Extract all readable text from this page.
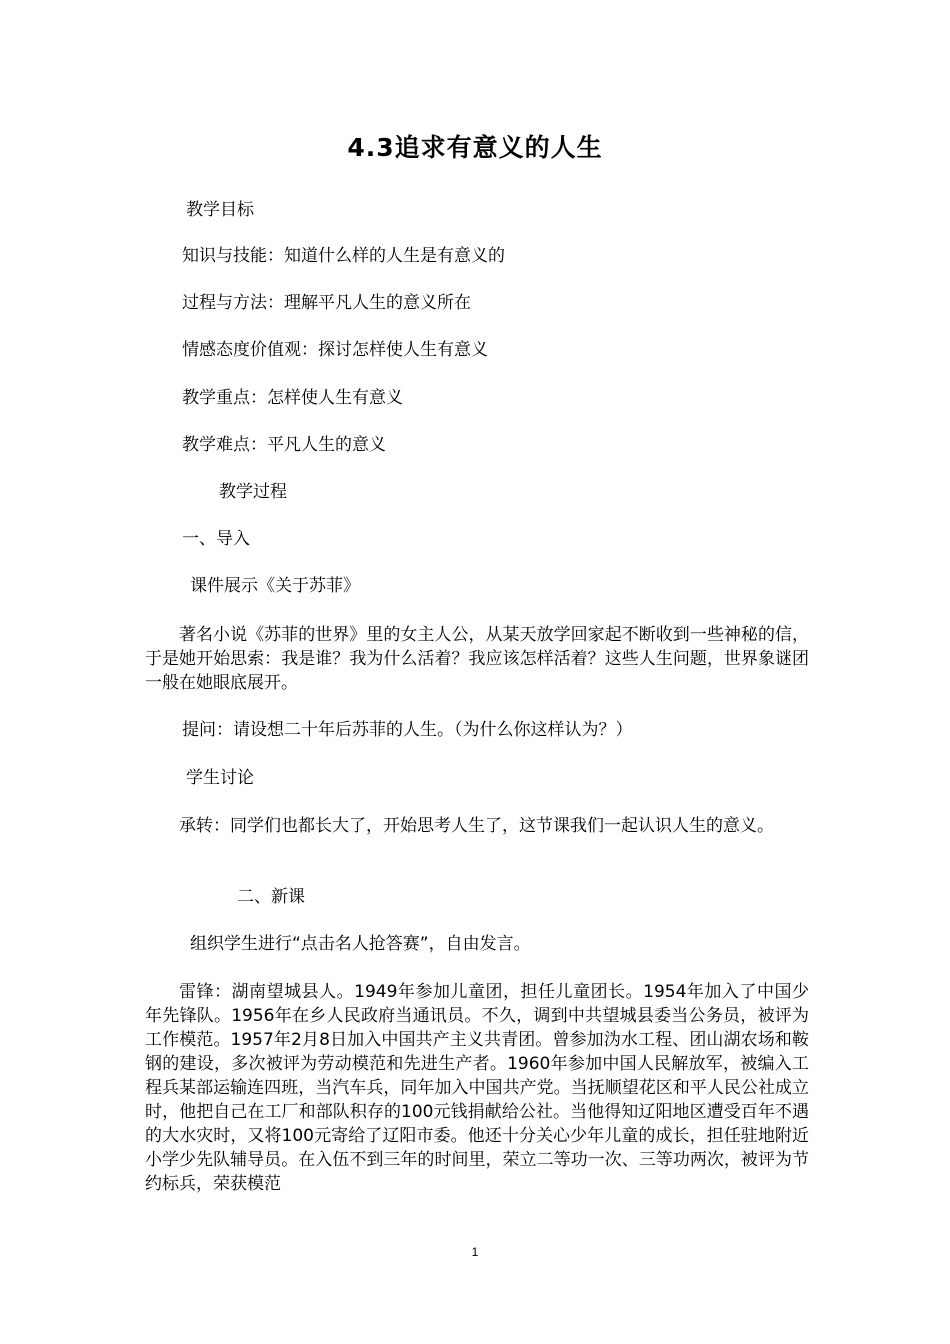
4.3追求有意义的人生
教学目标
知识与技能：知道什么样的人生是有意义的
过程与方法：理解平凡人生的意义所在
情感态度价值观：探讨怎样使人生有意义
教学重点：怎样使人生有意义
教学难点：平凡人生的意义
教学过程
一、导入
课件展示《关于苏菲》
著名小说《苏菲的世界》里的女主人公，从某天放学回家起不断收到一些神秘的信，于是她开始思索：我是谁？我为什么活着？我应该怎样活着？这些人生问题，世界象谜团一般在她眼底展开。
提问：请设想二十年后苏菲的人生。（为什么你这样认为？）
学生讨论
承转：同学们也都长大了，开始思考人生了，这节课我们一起认识人生的意义。
二、新课
组织学生进行“点击名人抢答赛”，自由发言。
雷锋：湖南望城县人。1949年参加儿童团，担任儿童团长。1954年加入了中国少年先锋队。1956年在乡人民政府当通讯员。不久，调到中共望城县委当公务员，被评为工作模范。1957年2月8日加入中国共产主义共青团。曾参加沩水工程、团山湖农场和鞍钢的建设，多次被评为劳动模范和先进生产者。1960年参加中国人民解放军，被编入工程兵某部运输连四班，当汽车兵，同年加入中国共产党。当抚顺望花区和平人民公社成立时，他把自己在工厂和部队积存的100元钱捐献给公社。当他得知辽阳地区遭受百年不遇的大水灾时，又将100元寄给了辽阳市委。他还十分关心少年儿童的成长，担任驻地附近小学少先队辅导员。在入伍不到三年的时间里，荣立二等功一次、三等功两次，被评为节约标兵，荣获模范
1
